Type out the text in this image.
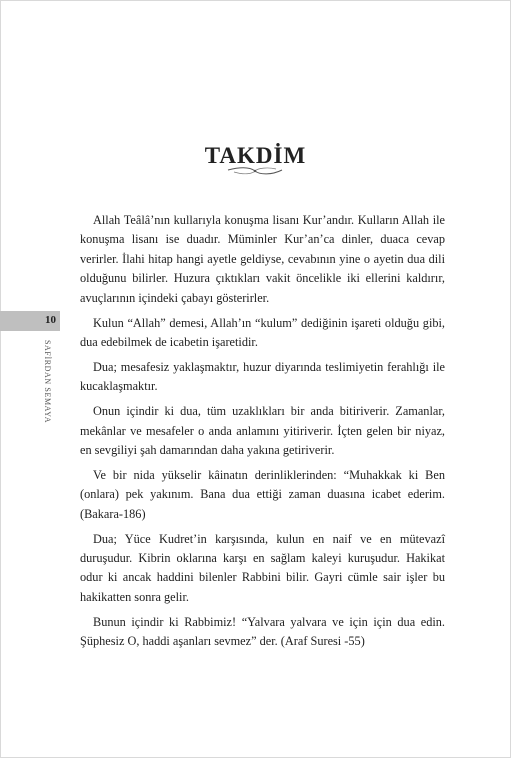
TAKDİM
10
SAFİRDAN SEMAYA

Allah Teâlâ’nın kullarıyla konuşma lisanı Kur’andır. Kulların Allah ile konuşma lisanı ise duadır. Müminler Kur’an’ca dinler, duaca cevap verirler. İlahi hitap hangi ayetle geldiyse, cevabının yine o ayetin dua dili olduğunu bilirler. Huzura çıktıkları vakit öncelikle iki ellerini kaldırır, avuçlarının içindeki çabayı gösterirler.

Kulun “Allah” demesi, Allah’ın “kulum” dediğinin işareti olduğu gibi, dua edebilmek de icabetin işaretidir.

Dua; mesafesiz yaklaşmaktır, huzur diyarında teslimiyetin ferahlığı ile kucaklaşmaktır.

Onun içindir ki dua, tüm uzaklıkları bir anda bitiriverir. Zamanlar, mekânlar ve mesafeler o anda anlamını yitiriverir. İçten gelen bir niyaz, en sevgiliyi şah damarından daha yakına getiriverir.

Ve bir nida yükselir kâinatın derinliklerinden: “Muhakkak ki Ben (onlara) pek yakınım. Bana dua ettiği zaman duasına icabet ederim. (Bakara-186)

Dua; Yüce Kudret’in karşısında, kulun en naif ve en mütevazî duruşudur. Kibrin oklarına karşı en sağlam kaleyi kuruşudur. Hakikat odur ki ancak haddini bilenler Rabbini bilir. Gayri cümle sair işler bu hakikatten sonra gelir.

Bunun içindir ki Rabbimiz! “Yalvara yalvara ve için için dua edin. Şüphesiz O, haddi aşanları sevmez” der. (Araf Suresi -55)
